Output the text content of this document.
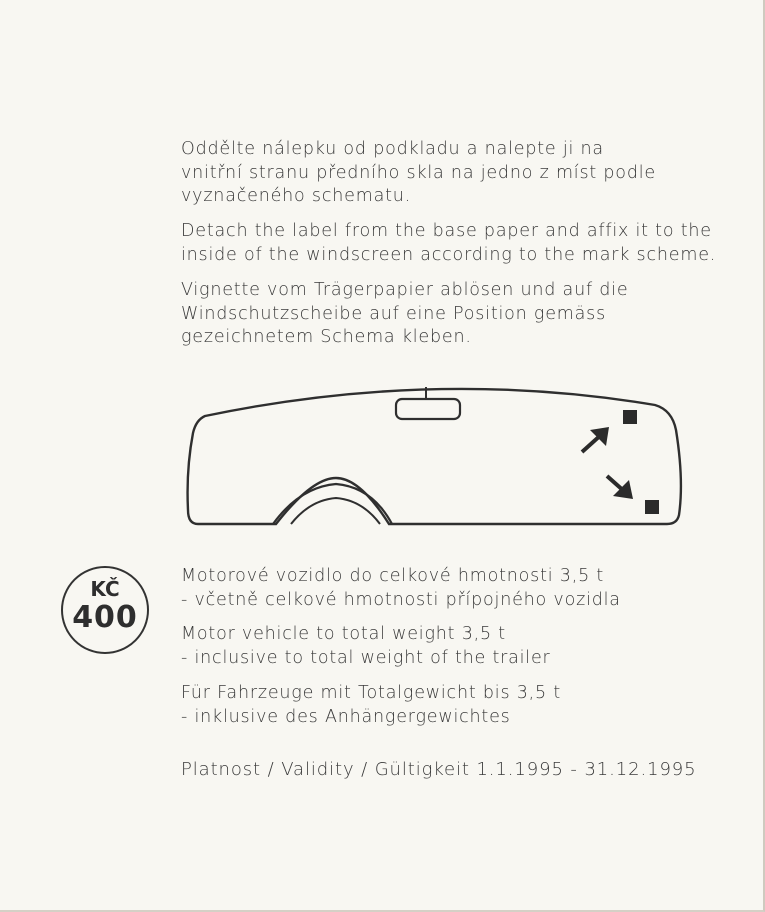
Oddělte nálepku od podkladu a nalepte ji na
vnitřní stranu předního skla na jedno z míst podle
vyznačeného schematu.
Detach the label from the base paper and affix it to the
inside of the windscreen according to the mark scheme.
Vignette vom Trägerpapier ablösen und auf die
Windschutzscheibe auf eine Position gemäss
gezeichnetem Schema kleben.
KČ
400
Motorové vozidlo do celkové hmotnosti 3,5 t
- včetně celkové hmotnosti přípojného vozidla
Motor vehicle to total weight 3,5 t
- inclusive to total weight of the trailer
Für Fahrzeuge mit Totalgewicht bis 3,5 t
- inklusive des Anhängergewichtes
Platnost / Validity / Gültigkeit 1.1.1995 - 31.12.1995
